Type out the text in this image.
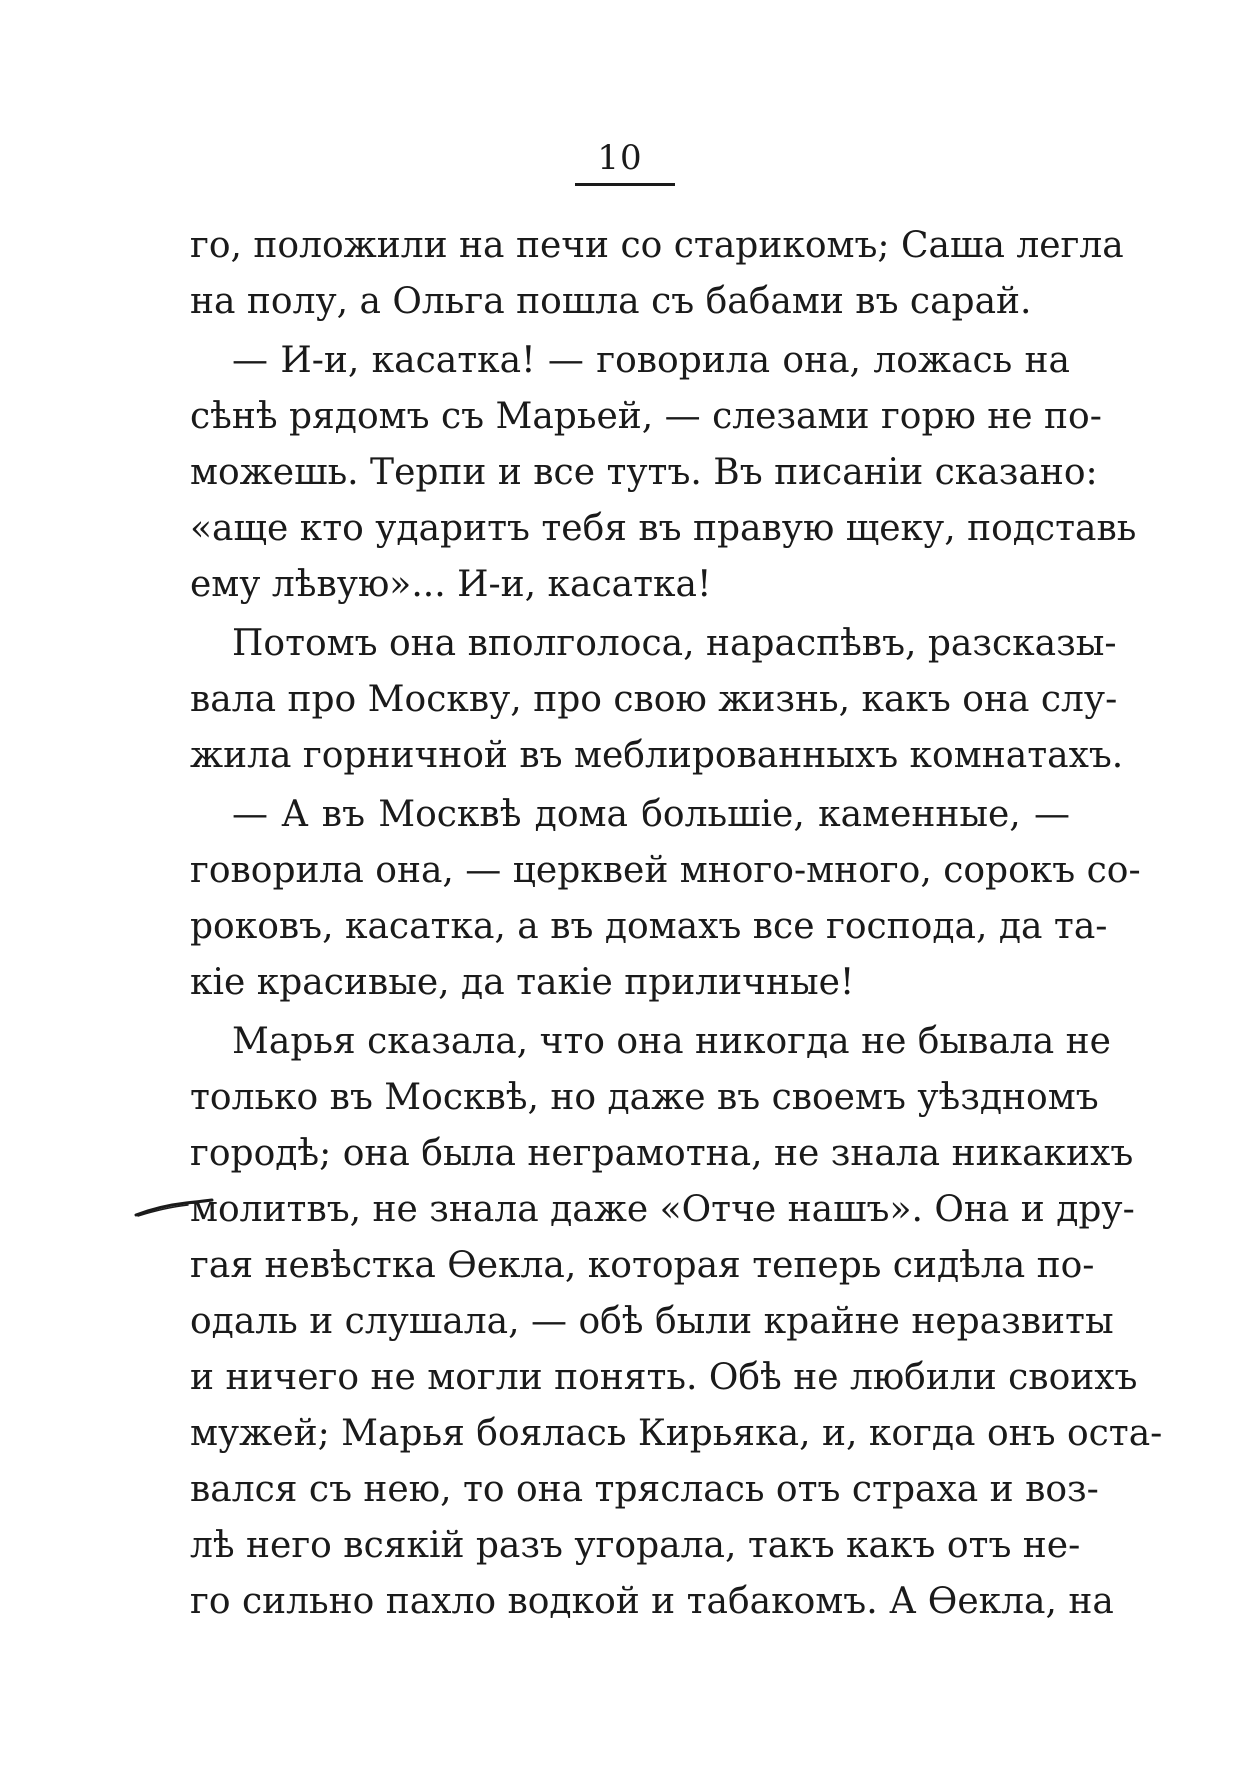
10
го, положили на печи со старикомъ; Саша легла
на полу, а Ольга пошла съ бабами въ сарай.
— И-и, касатка! — говорила она, ложась на
сѣнѣ рядомъ съ Марьей, — слезами горю не по-
можешь. Терпи и все тутъ. Въ писанiи сказано:
«аще кто ударитъ тебя въ правую щеку, подставь
ему лѣвую»... И-и, касатка!
Потомъ она вполголоса, нараспѣвъ, разсказы-
вала про Москву, про свою жизнь, какъ она слу-
жила горничной въ меблированныхъ комнатахъ.
— А въ Москвѣ дома большiе, каменные, —
говорила она, — церквей много-много, сорокъ со-
роковъ, касатка, а въ домахъ все господа, да та-
кiе красивые, да такiе приличные!
Марья сказала, что она никогда не бывала не
только въ Москвѣ, но даже въ своемъ уѣздномъ
городѣ; она была неграмотна, не знала никакихъ
молитвъ, не знала даже «Отче нашъ». Она и дру-
гая невѣстка Ѳекла, которая теперь сидѣла по-
одаль и слушала, — обѣ были крайне неразвиты
и ничего не могли понять. Обѣ не любили своихъ
мужей; Марья боялась Кирьяка, и, когда онъ оста-
вался съ нею, то она тряслась отъ страха и воз-
лѣ него всякiй разъ угорала, такъ какъ отъ не-
го сильно пахло водкой и табакомъ. А Ѳекла, на
